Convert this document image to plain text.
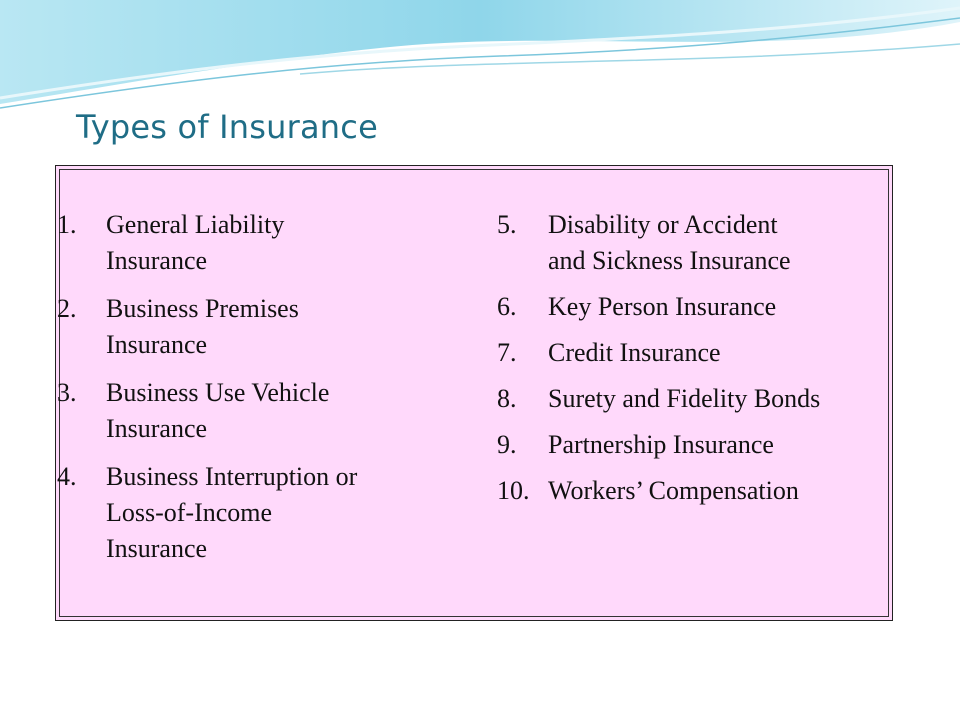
Types of Insurance
1.	General Liability
Insurance
2.	Business Premises
Insurance
3.	Business Use Vehicle
Insurance
4.	Business Interruption or
Loss-of-Income
Insurance
5.	Disability or Accident
and Sickness Insurance
6.	Key Person Insurance
7.	Credit Insurance
8.	Surety and Fidelity Bonds
9.	Partnership Insurance
10. Workers’ Compensation
